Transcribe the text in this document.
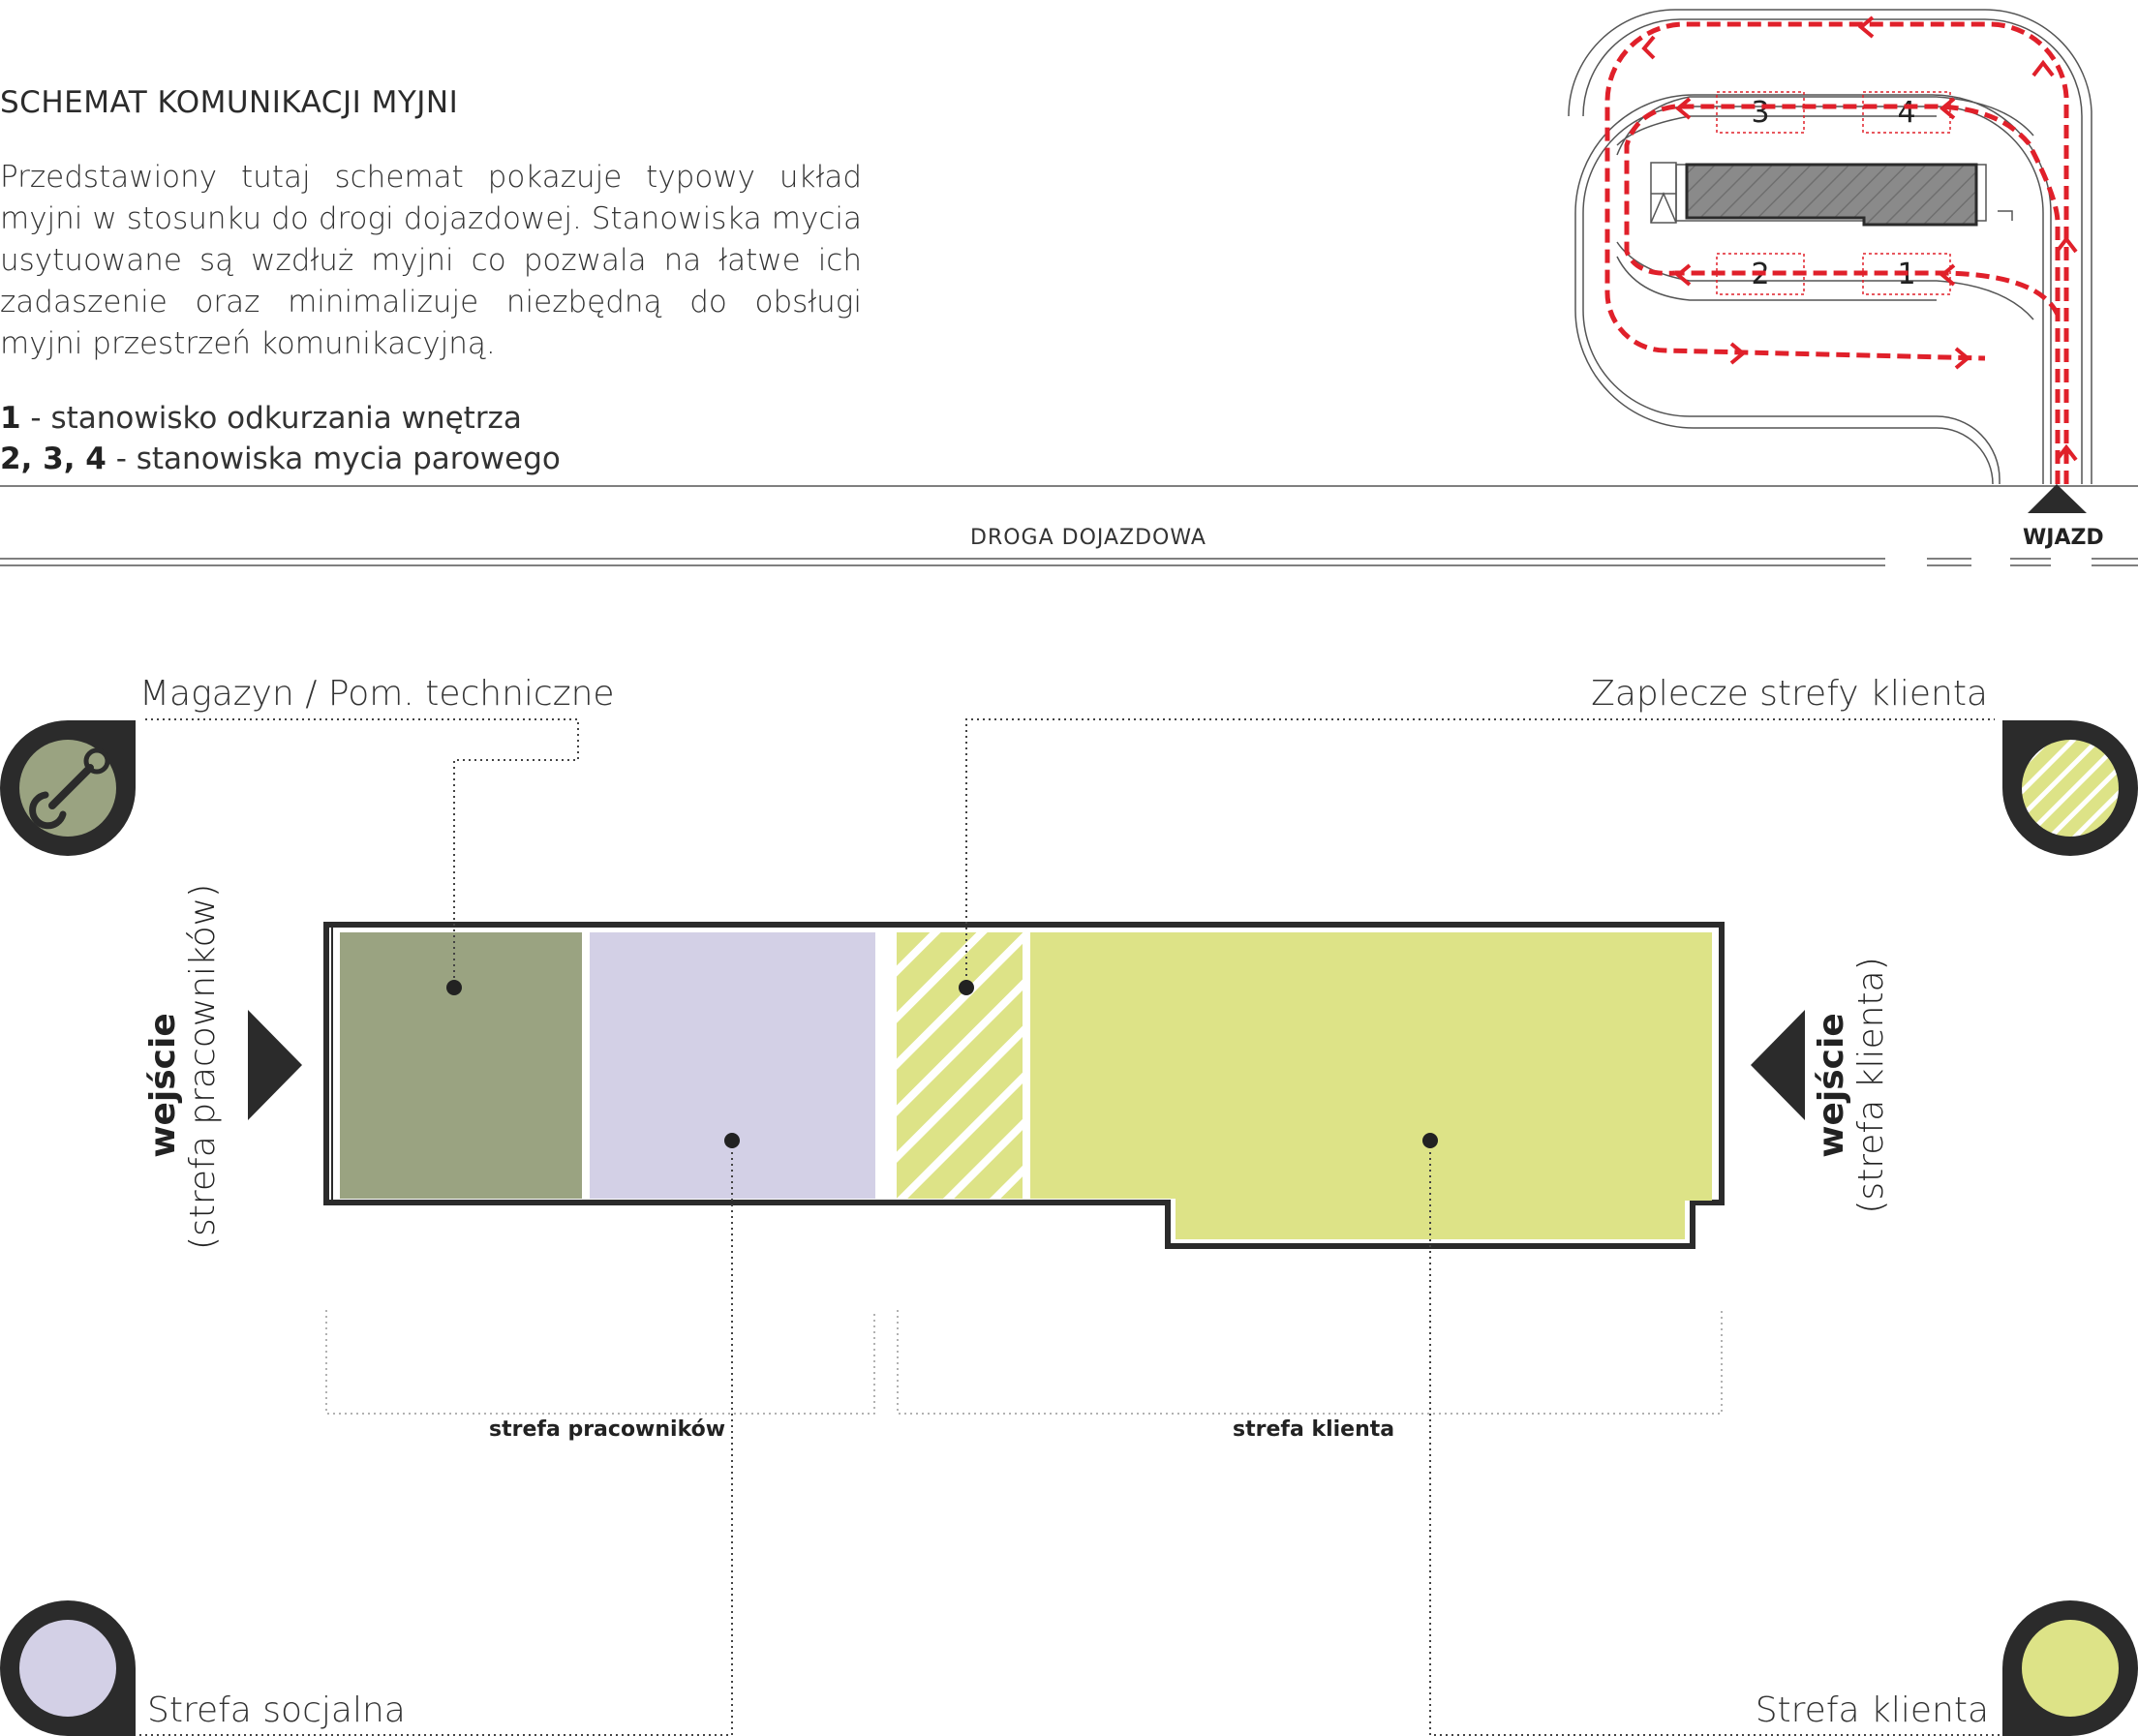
SCHEMAT KOMUNIKACJI MYJNI
Przedstawiony tutaj schemat pokazuje typowy układ myjni w stosunku do drogi dojazdowej. Stanowiska mycia usytuowane są wzdłuż myjni co pozwala na łatwe ich zadaszenie oraz minimalizuje niezbędną do obsługi myjni przestrzeń komunikacyjną.
1 - stanowisko odkurzania wnętrza
2, 3, 4 - stanowiska mycia parowego
DROGA DOJAZDOWA	WJAZD
3	4
2	1
Magazyn / Pom. techniczne	Zaplecze strefy klienta
Strefa socjalna	Strefa klienta
strefa pracowników	strefa klienta
wejście (strefa pracowników)	wejście (strefa klienta)
